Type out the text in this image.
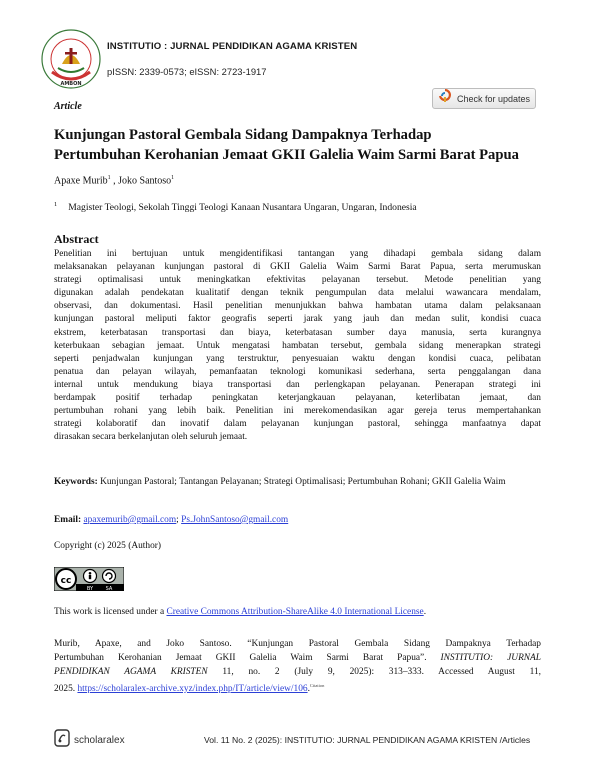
AMBON
INSTITUTIO : JURNAL PENDIDIKAN AGAMA KRISTEN
pISSN: 2339-0573; eISSN: 2723-1917
Article
Check for updates
Kunjungan Pastoral Gembala Sidang Dampaknya Terhadap
Pertumbuhan Kerohanian Jemaat GKII Galelia Waim Sarmi Barat Papua
Apaxe Murib$^1$ , Joko Santoso$^1$
$^1$ Magister Teologi, Sekolah Tinggi Teologi Kanaan Nusantara Ungaran, Ungaran, Indonesia
Abstract
Penelitian ini bertujuan untuk mengidentifikasi tantangan yang dihadapi gembala sidang dalam
melaksanakan pelayanan kunjungan pastoral di GKII Galelia Waim Sarmi Barat Papua, serta merumuskan
strategi optimalisasi untuk meningkatkan efektivitas pelayanan tersebut. Metode penelitian yang
digunakan adalah pendekatan kualitatif dengan teknik pengumpulan data melalui wawancara mendalam,
observasi, dan dokumentasi. Hasil penelitian menunjukkan bahwa hambatan utama dalam pelaksanaan
kunjungan pastoral meliputi faktor geografis seperti jarak yang jauh dan medan sulit, kondisi cuaca
ekstrem, keterbatasan transportasi dan biaya, keterbatasan sumber daya manusia, serta kurangnya
keterbukaan sebagian jemaat. Untuk mengatasi hambatan tersebut, gembala sidang menerapkan strategi
seperti penjadwalan kunjungan yang terstruktur, penyesuaian waktu dengan kondisi cuaca, pelibatan
penatua dan pelayan wilayah, pemanfaatan teknologi komunikasi sederhana, serta penggalangan dana
internal untuk mendukung biaya transportasi dan perlengkapan pelayanan. Penerapan strategi ini
berdampak positif terhadap peningkatan keterjangkauan pelayanan, keterlibatan jemaat, dan
pertumbuhan rohani yang lebih baik. Penelitian ini merekomendasikan agar gereja terus mempertahankan
strategi kolaboratif dan inovatif dalam pelayanan kunjungan pastoral, sehingga manfaatnya dapat
dirasakan secara berkelanjutan oleh seluruh jemaat.
Keywords: Kunjungan Pastoral; Tantangan Pelayanan; Strategi Optimalisasi; Pertumbuhan Rohani; GKII Galelia Waim
Email: apaxemurib@gmail.com; Ps.JohnSantoso@gmail.com
Copyright (c) 2025 (Author)
cc
BY	SA
This work is licensed under a Creative Commons Attribution-ShareAlike 4.0 International License.
Murib, Apaxe, and Joko Santoso. “Kunjungan Pastoral Gembala Sidang Dampaknya Terhadap
Pertumbuhan Kerohanian Jemaat GKII Galelia Waim Sarmi Barat Papua”. INSTITUTIO: JURNAL
PENDIDIKAN AGAMA KRISTEN 11, no. 2 (July 9, 2025): 313–333. Accessed August 11,
2025. https://scholaralex-archive.xyz/index.php/IT/article/view/106.$^{Citation}$
scholaralex	Vol. 11 No. 2 (2025): INSTITUTIO: JURNAL PENDIDIKAN AGAMA KRISTEN /Articles
